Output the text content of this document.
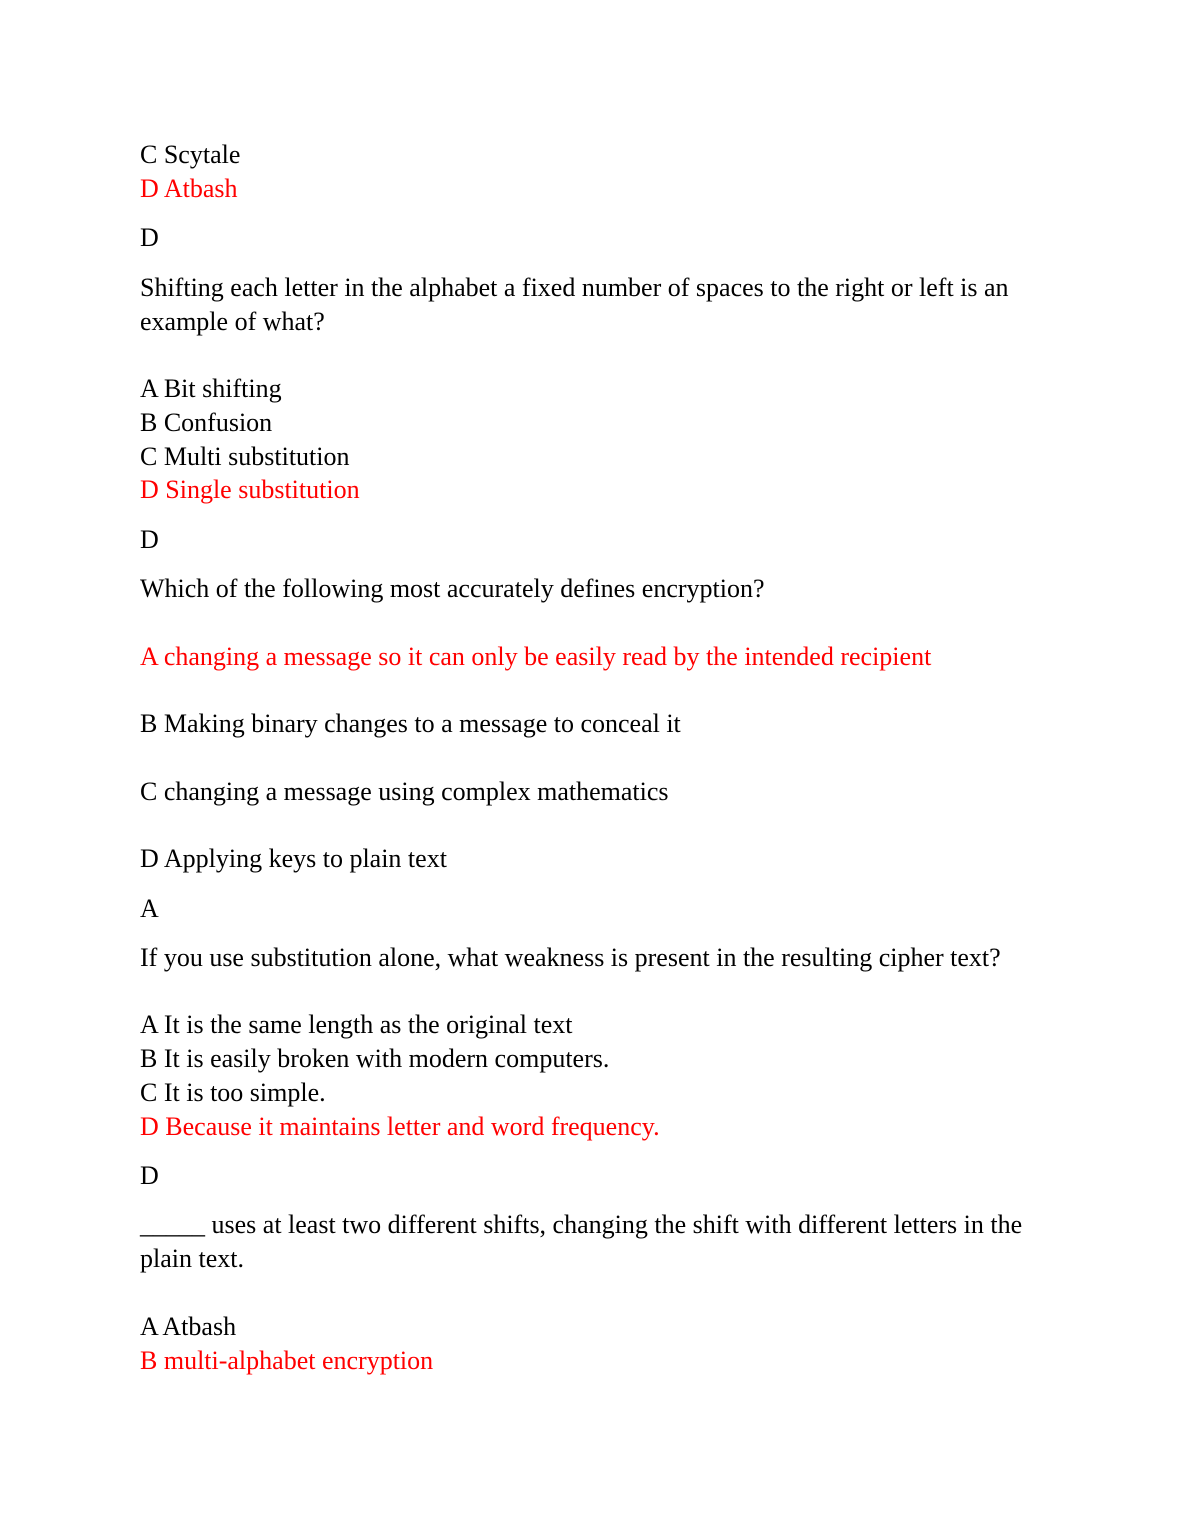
C Scytale
D Atbash
D
Shifting each letter in the alphabet a fixed number of spaces to the right or left is an example of what?
A Bit shifting
B Confusion
C Multi substitution
D Single substitution
D
Which of the following most accurately defines encryption?
A changing a message so it can only be easily read by the intended recipient
B Making binary changes to a message to conceal it
C changing a message using complex mathematics
D Applying keys to plain text
A
If you use substitution alone, what weakness is present in the resulting cipher text?
A It is the same length as the original text
B It is easily broken with modern computers.
C It is too simple.
D Because it maintains letter and word frequency.
D
_____ uses at least two different shifts, changing the shift with different letters in the plain text.
A Atbash
B multi-alphabet encryption
